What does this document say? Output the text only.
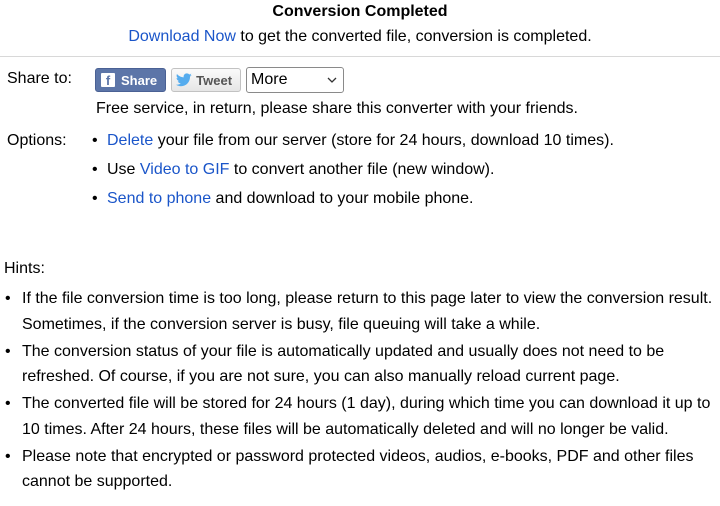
Conversion Completed
Download Now to get the converted file, conversion is completed.
Share to:	f Share	Tweet	More
Free service, in return, please share this converter with your friends.
Options:
•	Delete your file from our server (store for 24 hours, download 10 times).
• Use Video to GIF to convert another file (new window).
• Send to phone and download to your mobile phone.
Hints:
• If the file conversion time is too long, please return to this page later to view the conversion result. Sometimes, if the conversion server is busy, file queuing will take a while.
• The conversion status of your file is automatically updated and usually does not need to be refreshed. Of course, if you are not sure, you can also manually reload current page.
• The converted file will be stored for 24 hours (1 day), during which time you can download it up to 10 times. After 24 hours, these files will be automatically deleted and will no longer be valid.
• Please note that encrypted or password protected videos, audios, e-books, PDF and other files cannot be supported.
